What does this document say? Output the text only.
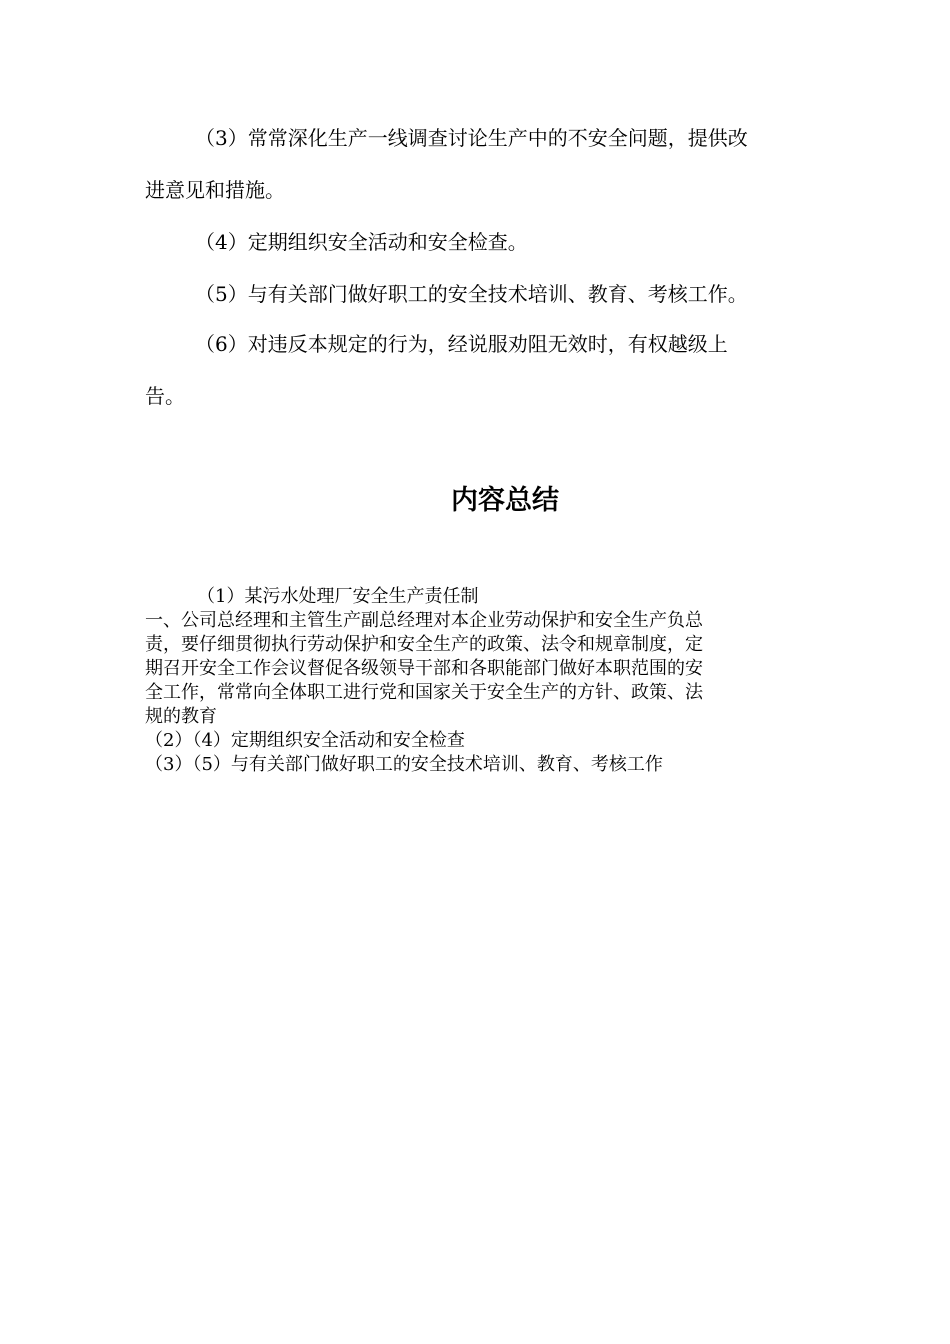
（3）常常深化生产一线调查讨论生产中的不安全问题，提供改

进意见和措施。

（4）定期组织安全活动和安全检查。

（5）与有关部门做好职工的安全技术培训、教育、考核工作。

（6）对违反本规定的行为，经说服劝阻无效时，有权越级上

告。

内容总结
（1）某污水处理厂安全生产责任制
一、公司总经理和主管生产副总经理对本企业劳动保护和安全生产负总
责，要仔细贯彻执行劳动保护和安全生产的政策、法令和规章制度，定
期召开安全工作会议督促各级领导干部和各职能部门做好本职范围的安
全工作，常常向全体职工进行党和国家关于安全生产的方针、政策、法
规的教育
（2）（4）定期组织安全活动和安全检查
（3）（5）与有关部门做好职工的安全技术培训、教育、考核工作
